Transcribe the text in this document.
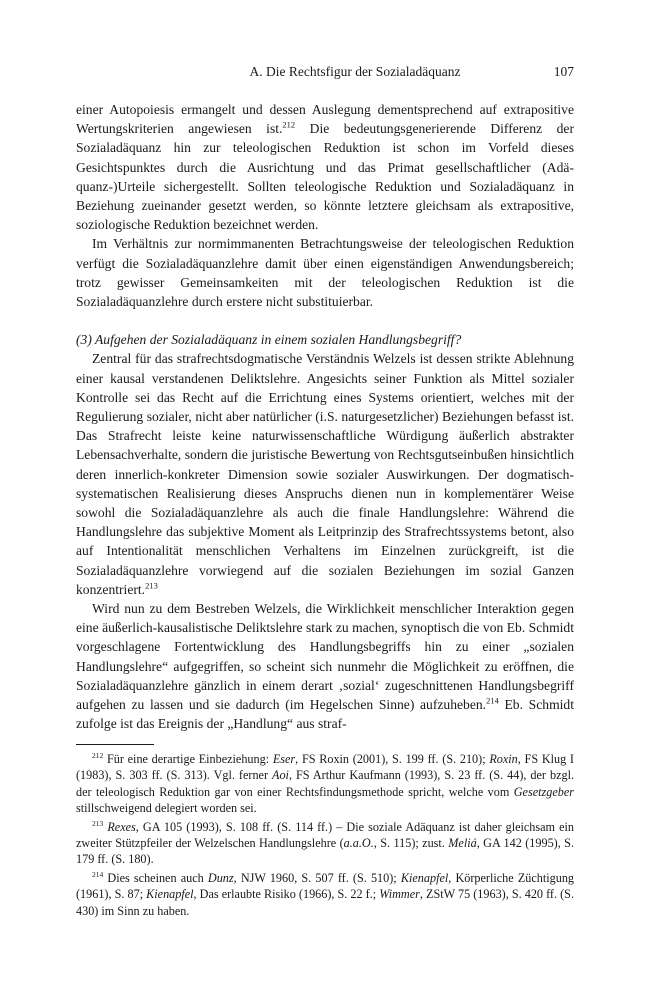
A. Die Rechtsfigur der Sozialadäquanz	107

einer Autopoiesis ermangelt und dessen Auslegung dementsprechend auf extrapositive Wertungskriterien angewiesen ist.$^{212}$ Die bedeutungsgenerierende Differenz der Sozialadäquanz hin zur teleologischen Reduktion ist schon im Vorfeld dieses Gesichtspunktes durch die Ausrichtung und das Primat gesellschaftlicher (Adäquanz-)Urteile sichergestellt. Sollten teleologische Reduktion und Sozialadäquanz in Beziehung zueinander gesetzt werden, so könnte letztere gleichsam als extrapositive, soziologische Reduktion bezeichnet werden.

Im Verhältnis zur normimmanenten Betrachtungsweise der teleologischen Reduktion verfügt die Sozialadäquanzlehre damit über einen eigenständigen Anwendungsbereich; trotz gewisser Gemeinsamkeiten mit der teleologischen Reduktion ist die Sozialadäquanzlehre durch erstere nicht substituierbar.

(3) Aufgehen der Sozialadäquanz in einem sozialen Handlungsbegriff?

Zentral für das strafrechtsdogmatische Verständnis Welzels ist dessen strikte Ablehnung einer kausal verstandenen Deliktslehre. Angesichts seiner Funktion als Mittel sozialer Kontrolle sei das Recht auf die Errichtung eines Systems orientiert, welches mit der Regulierung sozialer, nicht aber natürlicher (i.S. naturgesetzlicher) Beziehungen befasst ist. Das Strafrecht leiste keine naturwissenschaftliche Würdigung äußerlich abstrakter Lebensachverhalte, sondern die juristische Bewertung von Rechtsgutseinbußen hinsichtlich deren innerlich-konkreter Dimension sowie sozialer Auswirkungen. Der dogmatisch-systematischen Realisierung dieses Anspruchs dienen nun in komplementärer Weise sowohl die Sozialadäquanzlehre als auch die finale Handlungslehre: Während die Handlungslehre das subjektive Moment als Leitprinzip des Strafrechtssystems betont, also auf Intentionalität menschlichen Verhaltens im Einzelnen zurückgreift, ist die Sozialadäquanzlehre vorwiegend auf die sozialen Beziehungen im sozial Ganzen konzentriert.$^{213}$

Wird nun zu dem Bestreben Welzels, die Wirklichkeit menschlicher Interaktion gegen eine äußerlich-kausalistische Deliktslehre stark zu machen, synoptisch die von Eb. Schmidt vorgeschlagene Fortentwicklung des Handlungsbegriffs hin zu einer „sozialen Handlungslehre“ aufgegriffen, so scheint sich nunmehr die Möglichkeit zu eröffnen, die Sozialadäquanzlehre gänzlich in einem derart ‚sozial‘ zugeschnittenen Handlungsbegriff aufgehen zu lassen und sie dadurch (im Hegelschen Sinne) aufzuheben.$^{214}$ Eb. Schmidt zufolge ist das Ereignis der „Handlung“ aus straf-

$^{212}$ Für eine derartige Einbeziehung: Eser, FS Roxin (2001), S. 199 ff. (S. 210); Roxin, FS Klug I (1983), S. 303 ff. (S. 313). Vgl. ferner Aoi, FS Arthur Kaufmann (1993), S. 23 ff. (S. 44), der bzgl. der teleologisch Reduktion gar von einer Rechtsfindungsmethode spricht, welche vom Gesetzgeber stillschweigend delegiert worden sei.

$^{213}$ Rexes, GA 105 (1993), S. 108 ff. (S. 114 ff.) – Die soziale Adäquanz ist daher gleichsam ein zweiter Stützpfeiler der Welzelschen Handlungslehre (a.a.O., S. 115); zust. Meliá, GA 142 (1995), S. 179 ff. (S. 180).

$^{214}$ Dies scheinen auch Dunz, NJW 1960, S. 507 ff. (S. 510); Kienapfel, Körperliche Züchtigung (1961), S. 87; Kienapfel, Das erlaubte Risiko (1966), S. 22 f.; Wimmer, ZStW 75 (1963), S. 420 ff. (S. 430) im Sinn zu haben.
